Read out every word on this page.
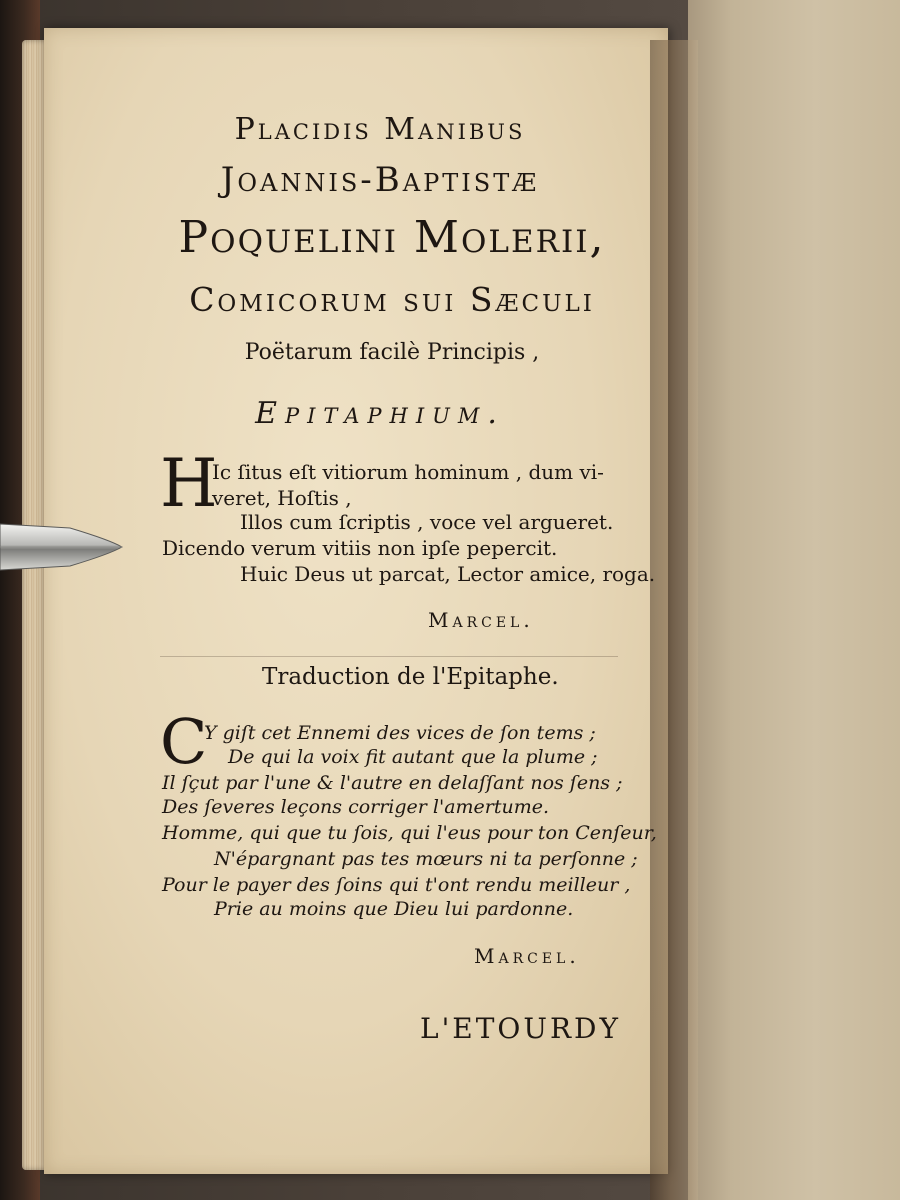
Placidis Manibus
Joannis-Baptistæ
Poquelini Molerii,
Comicorum sui Sæculi
Poëtarum facilè Principis ,
Epitaphium.
H
Ic ſitus eſt vitiorum hominum , dum vi-
veret, Hoſtis ,
Illos cum ſcriptis , voce vel argueret.
Dicendo verum vitiis non ipſe pepercit.
Huic Deus ut parcat, Lector amice, roga.
Marcel.
Traduction de l'Epitaphe.
C
Y giſt cet Ennemi des vices de ſon tems ;
De qui la voix fit autant que la plume ;
Il ſçut par l'une & l'autre en delaſſant nos ſens ;
Des ſeveres leçons corriger l'amertume.
Homme, qui que tu ſois, qui l'eus pour ton Cenſeur,
N'épargnant pas tes mœurs ni ta perſonne ;
Pour le payer des ſoins qui t'ont rendu meilleur ,
Prie au moins que Dieu lui pardonne.
Marcel.
L'ETOURDY
